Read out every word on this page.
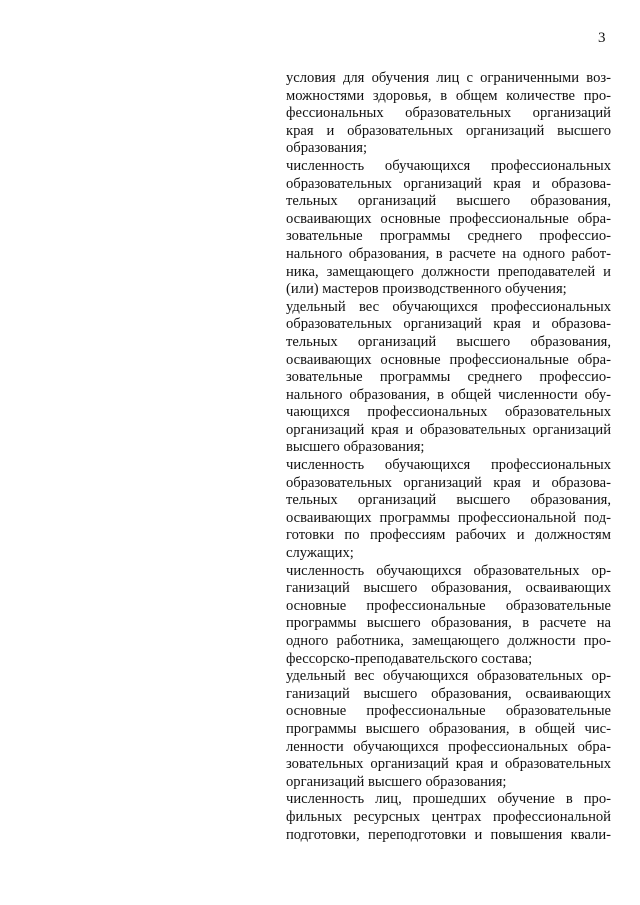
3
условия для обучения лиц с ограниченными воз-
можностями здоровья, в общем количестве про-
фессиональных образовательных организаций
края и образовательных организаций высшего
образования;
численность обучающихся профессиональных
образовательных организаций края и образова-
тельных организаций высшего образования,
осваивающих основные профессиональные обра-
зовательные программы среднего профессио-
нального образования, в расчете на одного работ-
ника, замещающего должности преподавателей и
(или) мастеров производственного обучения;
удельный вес обучающихся профессиональных
образовательных организаций края и образова-
тельных организаций высшего образования,
осваивающих основные профессиональные обра-
зовательные программы среднего профессио-
нального образования, в общей численности обу-
чающихся профессиональных образовательных
организаций края и образовательных организаций
высшего образования;
численность обучающихся профессиональных
образовательных организаций края и образова-
тельных организаций высшего образования,
осваивающих программы профессиональной под-
готовки по профессиям рабочих и должностям
служащих;
численность обучающихся образовательных ор-
ганизаций высшего образования, осваивающих
основные профессиональные образовательные
программы высшего образования, в расчете на
одного работника, замещающего должности про-
фессорско-преподавательского состава;
удельный вес обучающихся образовательных ор-
ганизаций высшего образования, осваивающих
основные профессиональные образовательные
программы высшего образования, в общей чис-
ленности обучающихся профессиональных обра-
зовательных организаций края и образовательных
организаций высшего образования;
численность лиц, прошедших обучение в про-
фильных ресурсных центрах профессиональной
подготовки, переподготовки и повышения квали-
